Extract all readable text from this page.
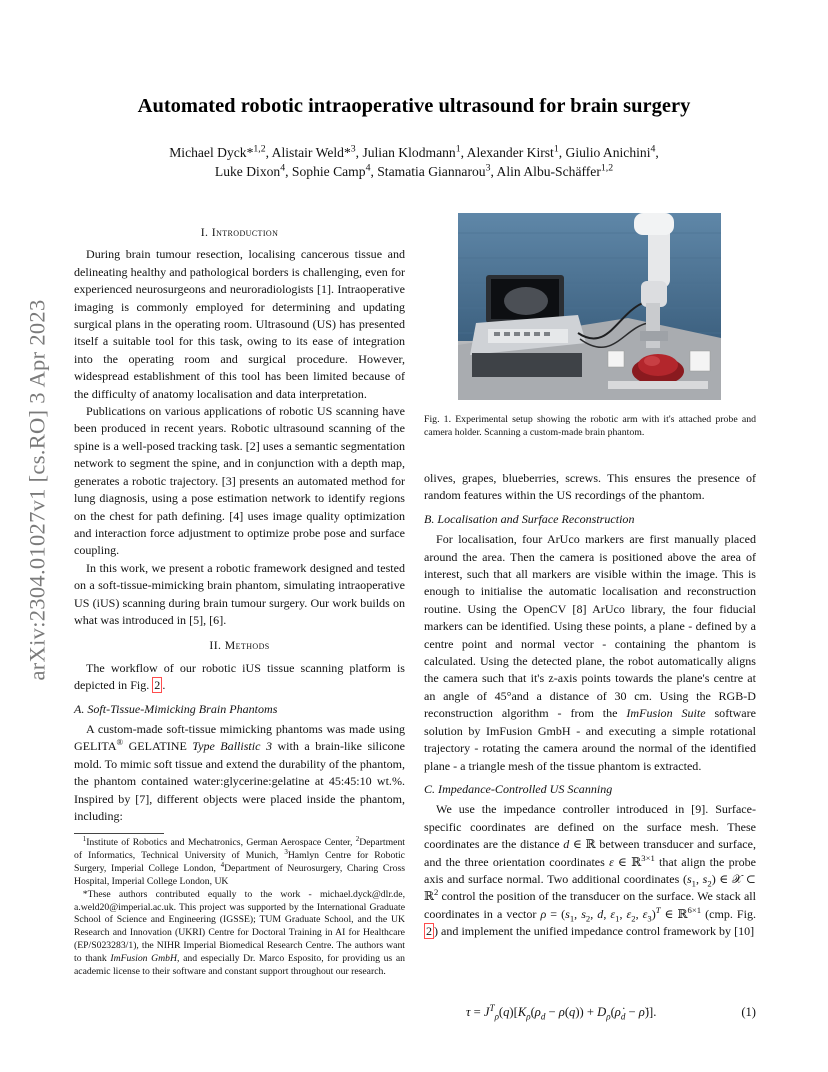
arXiv:2304.01027v1 [cs.RO] 3 Apr 2023
Automated robotic intraoperative ultrasound for brain surgery

Michael Dyck*$^{1,2}$, Alistair Weld*$^3$, Julian Klodmann$^1$, Alexander Kirst$^1$, Giulio Anichini$^4$,

Luke Dixon$^4$, Sophie Camp$^4$, Stamatia Giannarou$^3$, Alin Albu-Schäffer$^{1,2}$

I. Introduction

During brain tumour resection, localising cancerous tissue and delineating healthy and pathological borders is challenging, even for experienced neurosurgeons and neuroradiologists [1]. Intraoperative imaging is commonly employed for determining and updating surgical plans in the operating room. Ultrasound (US) has presented itself a suitable tool for this task, owing to its ease of integration into the operating room and surgical procedure. However, widespread establishment of this tool has been limited because of the difficulty of anatomy localisation and data interpretation.

Publications on various applications of robotic US scanning have been produced in recent years. Robotic ultrasound scanning of the spine is a well-posed tracking task. [2] uses a semantic segmentation network to segment the spine, and in conjunction with a depth map, generates a robotic trajectory. [3] presents an automated method for lung diagnosis, using a pose estimation network to identify regions on the chest for path defining. [4] uses image quality optimization and interaction force adjustment to optimize probe pose and surface coupling.

In this work, we present a robotic framework designed and tested on a soft-tissue-mimicking brain phantom, simulating intraoperative US (iUS) scanning during brain tumour surgery. Our work builds on what was introduced in [5], [6].

II. Methods

The workflow of our robotic iUS tissue scanning platform is depicted in Fig. 2 .

A. Soft-Tissue-Mimicking Brain Phantoms

A custom-made soft-tissue mimicking phantoms was made using GELITA® GELATINE Type Ballistic 3 with a brain-like silicone mold. To mimic soft tissue and extend the durability of the phantom, the phantom contained water:glycerine:gelatine at 45:45:10 wt.%. Inspired by [7], different objects were placed inside the phantom, including:

$^1$Institute of Robotics and Mechatronics, German Aerospace Center, $^2$Department of Informatics, Technical University of Munich, $^3$Hamlyn Centre for Robotic Surgery, Imperial College London, $^4$Department of Neurosurgery, Charing Cross Hospital, Imperial College London, UK

*These authors contributed equally to the work - michael.dyck@dlr.de, a.weld20@imperial.ac.uk. This project was supported by the International Graduate School of Science and Engineering (IGSSE); TUM Graduate School, and the UK Research and Innovation (UKRI) Centre for Doctoral Training in AI for Healthcare (EP/S023283/1), the NIHR Imperial Biomedical Research Centre. The authors want to thank ImFusion GmbH, and especially Dr. Marco Esposito, for providing us an academic license to their software and constant support throughout our research.

Fig. 1. Experimental setup showing the robotic arm with it's attached probe and camera holder. Scanning a custom-made brain phantom.

olives, grapes, blueberries, screws. This ensures the presence of random features within the US recordings of the phantom.

B. Localisation and Surface Reconstruction

For localisation, four ArUco markers are first manually placed around the area. Then the camera is positioned above the area of interest, such that all markers are visible within the image. This is enough to initialise the automatic localisation and reconstruction routine. Using the OpenCV [8] ArUco library, the four fiducial markers can be identified. Using these points, a plane - defined by a centre point and normal vector - containing the phantom is calculated. Using the detected plane, the robot automatically aligns the camera such that it's z-axis points towards the plane's centre at an angle of 45°and a distance of 30 cm. Using the RGB-D reconstruction algorithm - from the ImFusion Suite software solution by ImFusion GmbH - and executing a simple rotational trajectory - rotating the camera around the normal of the identified plane - a triangle mesh of the tissue phantom is extracted.

C. Impedance-Controlled US Scanning

We use the impedance controller introduced in [9]. Surface-specific coordinates are defined on the surface mesh. These coordinates are the distance d ∈ ℝ between transducer and surface, and the three orientation coordinates ε ∈ ℝ$^{3\times 1}$ that align the probe axis and surface normal. Two additional coordinates ($s_1$, $s_2$) ∈ 𝒳 ⊂ ℝ$^2$ control the position of the transducer on the surface. We stack all coordinates in a vector $\rho = (s_1$, $s_2$, d, $\varepsilon_1$, $\varepsilon_2$, $\varepsilon_3)^T$ ∈ ℝ$^{6\times 1}$ (cmp. Fig. 2 ) and implement the unified impedance control framework by [10]

$\tau = J^T_\rho(q)[K_\rho(\rho_d - \rho(q))$ + $D_\rho(\rhȯ_d$ − ρ̇)].	(1)
